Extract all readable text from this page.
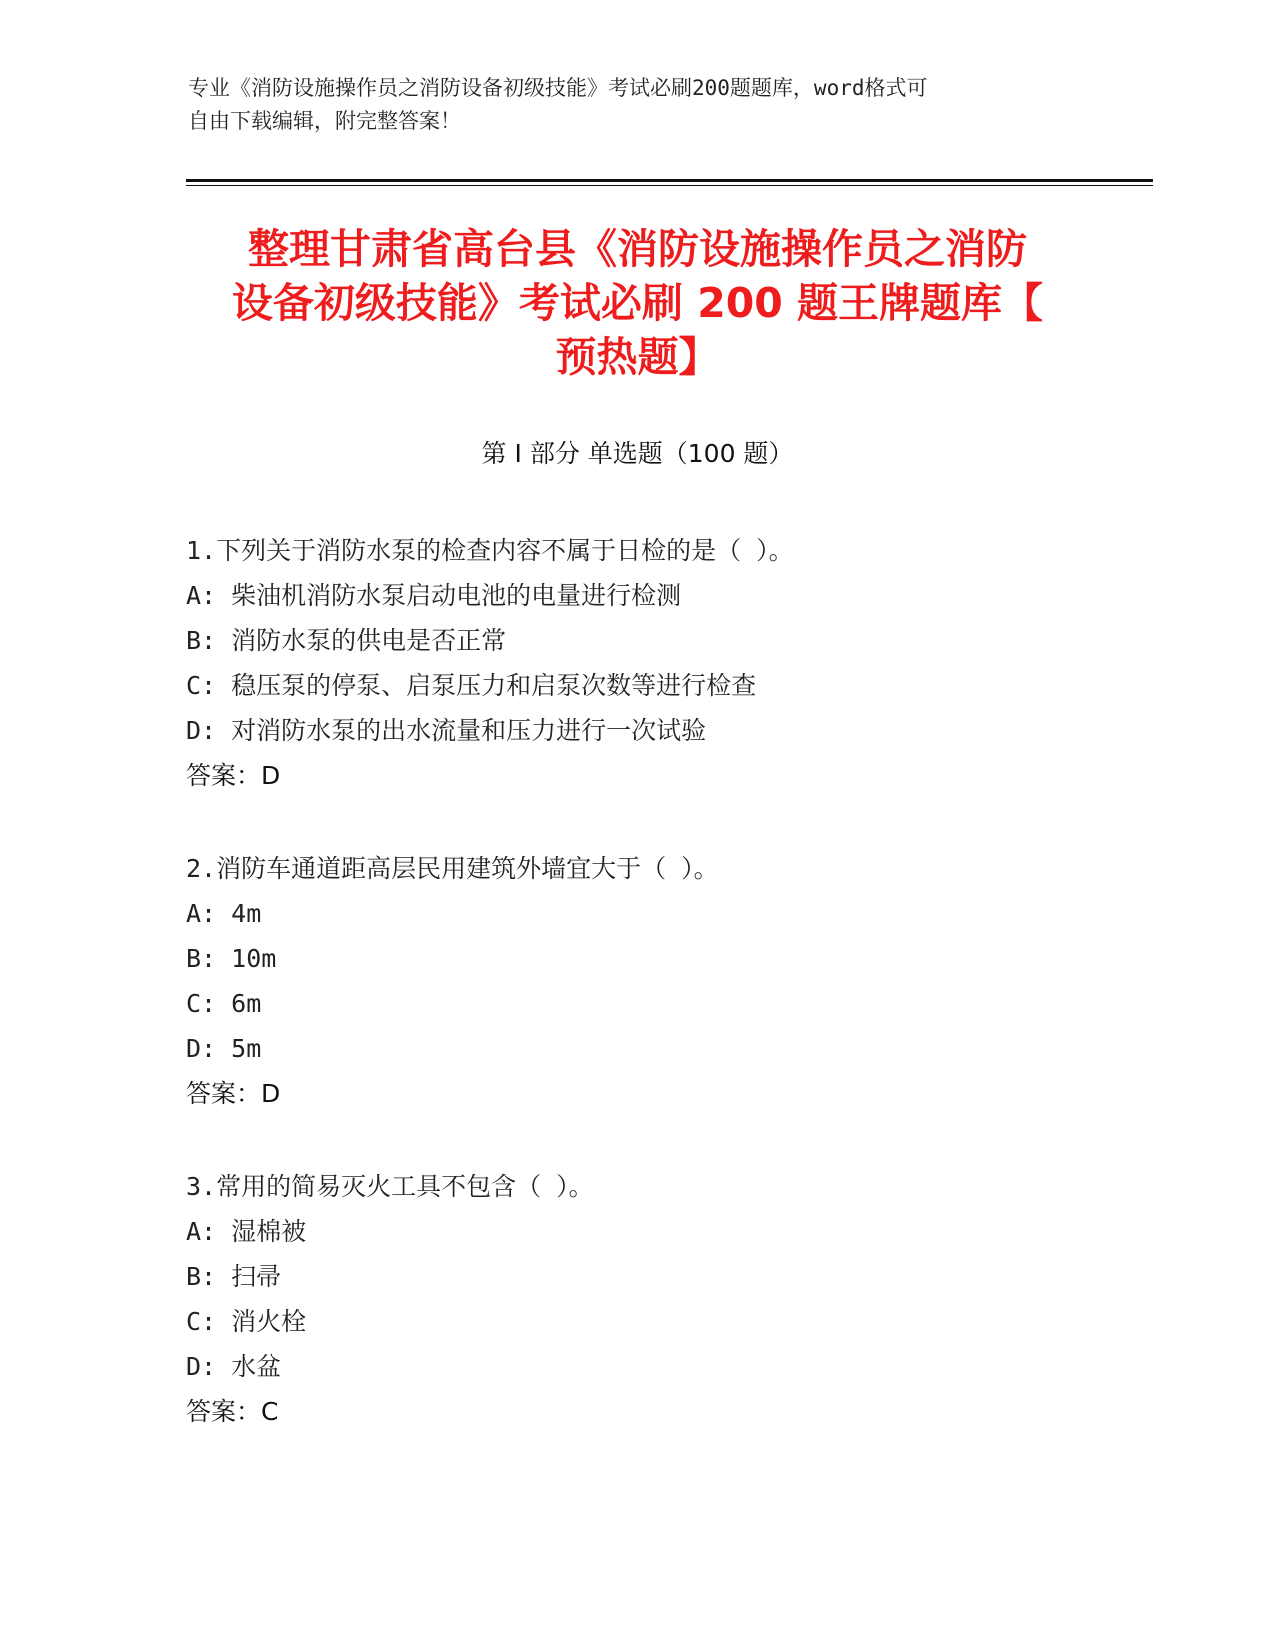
专业《消防设施操作员之消防设备初级技能》考试必刷200题题库，word格式可
自由下载编辑，附完整答案！
整理甘肃省高台县《消防设施操作员之消防
设备初级技能》考试必刷 200 题王牌题库【
预热题】
第 I 部分 单选题（100 题）
1.下列关于消防水泵的检查内容不属于日检的是（ ）。
A: 柴油机消防水泵启动电池的电量进行检测
B: 消防水泵的供电是否正常
C: 稳压泵的停泵、启泵压力和启泵次数等进行检查
D: 对消防水泵的出水流量和压力进行一次试验
答案：D
2.消防车通道距高层民用建筑外墙宜大于（ ）。
A: 4m
B: 10m
C: 6m
D: 5m
答案：D
3.常用的简易灭火工具不包含（ ）。
A: 湿棉被
B: 扫帚
C: 消火栓
D: 水盆
答案：C
